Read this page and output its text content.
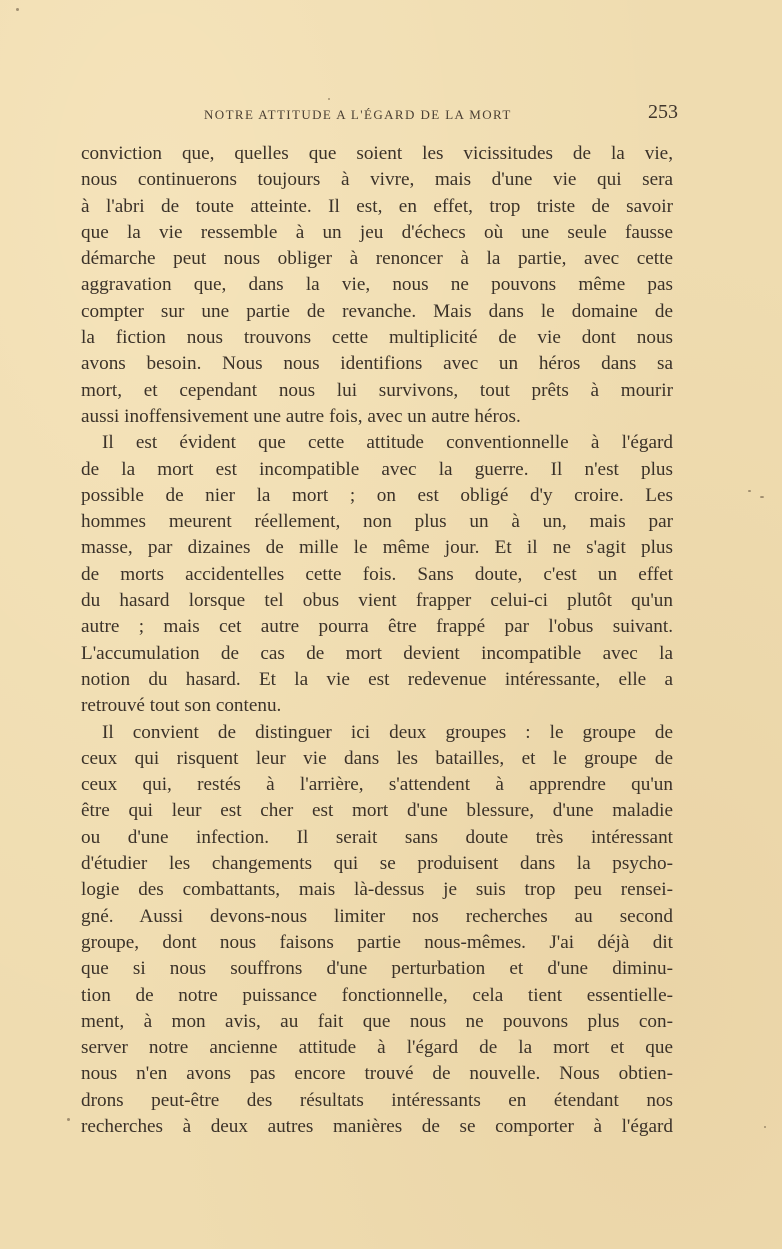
NOTRE ATTITUDE A L'ÉGARD DE LA MORT	253
conviction que, quelles que soient les vicissitudes de la vie,
nous continuerons toujours à vivre, mais d'une vie qui sera
à l'abri de toute atteinte. Il est, en effet, trop triste de savoir
que la vie ressemble à un jeu d'échecs où une seule fausse
démarche peut nous obliger à renoncer à la partie, avec cette
aggravation que, dans la vie, nous ne pouvons même pas
compter sur une partie de revanche. Mais dans le domaine de
la fiction nous trouvons cette multiplicité de vie dont nous
avons besoin. Nous nous identifions avec un héros dans sa
mort, et cependant nous lui survivons, tout prêts à mourir
aussi inoffensivement une autre fois, avec un autre héros.
Il est évident que cette attitude conventionnelle à l'égard
de la mort est incompatible avec la guerre. Il n'est plus
possible de nier la mort ; on est obligé d'y croire. Les
hommes meurent réellement, non plus un à un, mais par
masse, par dizaines de mille le même jour. Et il ne s'agit plus
de morts accidentelles cette fois. Sans doute, c'est un effet
du hasard lorsque tel obus vient frapper celui-ci plutôt qu'un
autre ; mais cet autre pourra être frappé par l'obus suivant.
L'accumulation de cas de mort devient incompatible avec la
notion du hasard. Et la vie est redevenue intéressante, elle a
retrouvé tout son contenu.
Il convient de distinguer ici deux groupes : le groupe de
ceux qui risquent leur vie dans les batailles, et le groupe de
ceux qui, restés à l'arrière, s'attendent à apprendre qu'un
être qui leur est cher est mort d'une blessure, d'une maladie
ou d'une infection. Il serait sans doute très intéressant
d'étudier les changements qui se produisent dans la psycho-
logie des combattants, mais là-dessus je suis trop peu rensei-
gné. Aussi devons-nous limiter nos recherches au second
groupe, dont nous faisons partie nous-mêmes. J'ai déjà dit
que si nous souffrons d'une perturbation et d'une diminu-
tion de notre puissance fonctionnelle, cela tient essentielle-
ment, à mon avis, au fait que nous ne pouvons plus con-
server notre ancienne attitude à l'égard de la mort et que
nous n'en avons pas encore trouvé de nouvelle. Nous obtien-
drons peut-être des résultats intéressants en étendant nos
recherches à deux autres manières de se comporter à l'égard
